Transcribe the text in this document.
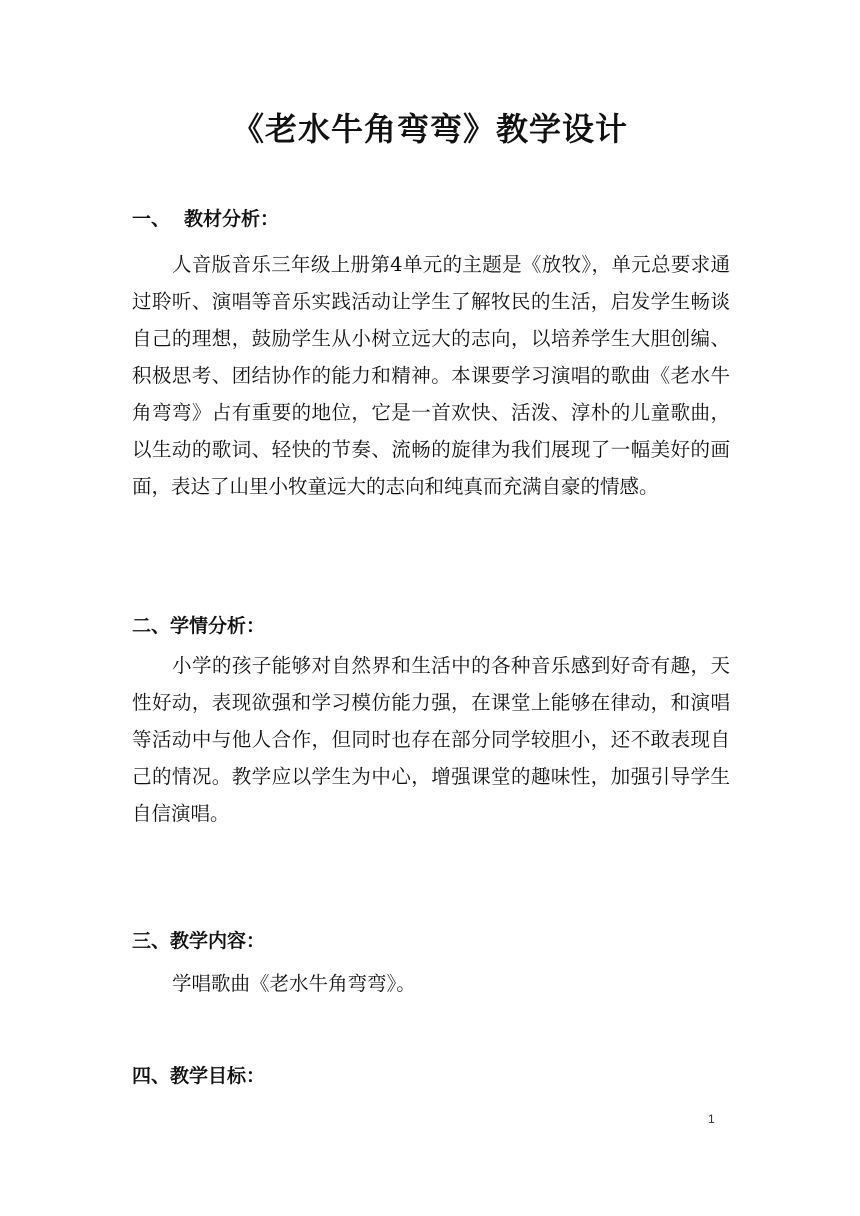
《老水牛角弯弯》教学设计
一、 教材分析：

人音版音乐三年级上册第4单元的主题是《放牧》，单元总要求通过聆听、演唱等音乐实践活动让学生了解牧民的生活，启发学生畅谈自己的理想，鼓励学生从小树立远大的志向，以培养学生大胆创编、积极思考、团结协作的能力和精神。本课要学习演唱的歌曲《老水牛角弯弯》占有重要的地位，它是一首欢快、活泼、淳朴的儿童歌曲，以生动的歌词、轻快的节奏、流畅的旋律为我们展现了一幅美好的画面，表达了山里小牧童远大的志向和纯真而充满自豪的情感。

二、学情分析：

小学的孩子能够对自然界和生活中的各种音乐感到好奇有趣，天性好动，表现欲强和学习模仿能力强，在课堂上能够在律动，和演唱等活动中与他人合作，但同时也存在部分同学较胆小，还不敢表现自己的情况。教学应以学生为中心，增强课堂的趣味性，加强引导学生自信演唱。

三、教学内容：
学唱歌曲《老水牛角弯弯》。
四、教学目标：
1
